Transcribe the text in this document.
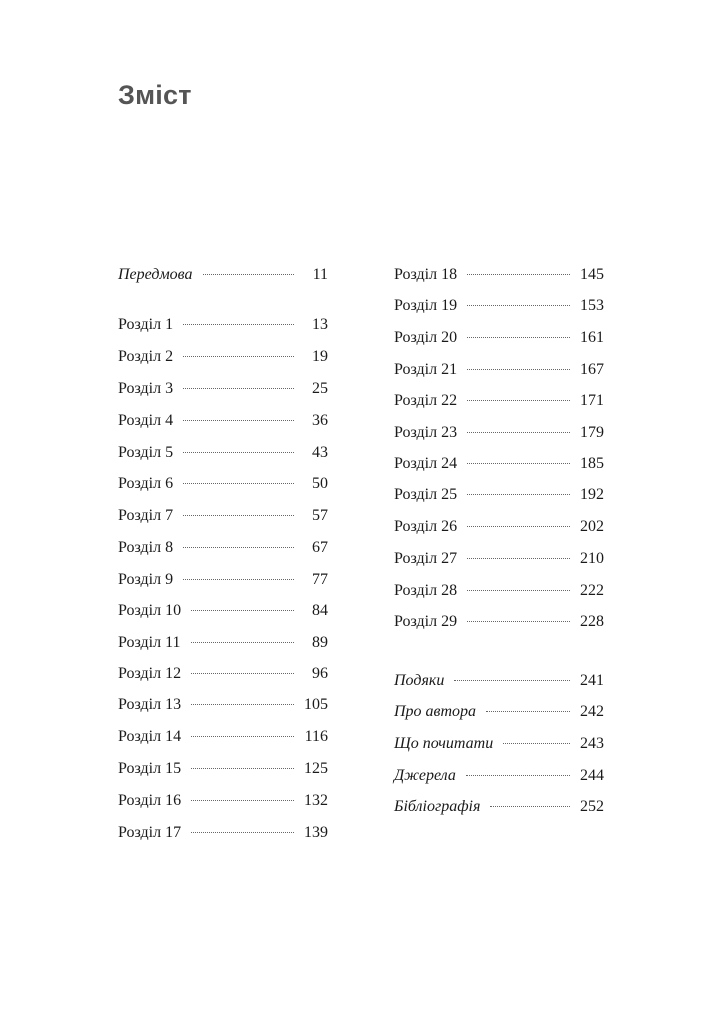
Зміст
Передмова	11
Розділ 1	13
Розділ 2	19
Розділ 3	25
Розділ 4	36
Розділ 5	43
Розділ 6	50
Розділ 7	57
Розділ 8	67
Розділ 9	77
Розділ 10	84
Розділ 11	89
Розділ 12	96
Розділ 13	105
Розділ 14	116
Розділ 15	125
Розділ 16	132
Розділ 17	139
Розділ 18	145
Розділ 19	153
Розділ 20	161
Розділ 21	167
Розділ 22	171
Розділ 23	179
Розділ 24	185
Розділ 25	192
Розділ 26	202
Розділ 27	210
Розділ 28	222
Розділ 29	228
Подяки	241
Про автора	242
Що почитати	243
Джерела	244
Бібліографія	252
